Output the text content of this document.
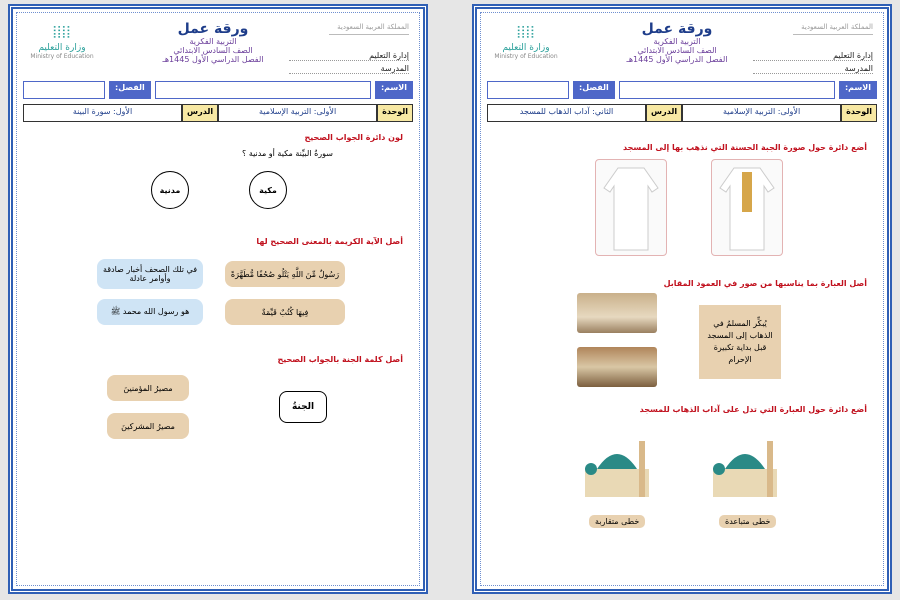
⦙⦙⦙⦙
وزارة التعليم
Ministry of Education
ورقة عمل
التربية الفكرية
الصف السادس الابتدائي
الفصل الدراسي الأول 1445هـ
المملكة العربية السعودية
إدارة التعليم
المدرسة
الاسم:
الفصل:
الوحدة
الأولى: التربية الإسلامية
الدرس
الأول: سورة البينة
لون دائرة الجواب الصحيح
سورةُ البيِّنة مكية أو مدنية ؟
مكية
مدنية
أصل الآية الكريمة بالمعنى الصحيح لها
رَسُولٌ مِّنَ اللَّهِ يَتْلُو صُحُفًا مُّطَهَّرَةً
فِيهَا كُتُبٌ قَيِّمَةٌ
في تلك الصحف أخبار صادقة وأوامر عادلة
هو رسول الله محمد ﷺ
أصل كلمة الجنة بالجواب الصحيح
الجنةُ
مصيرُ المؤمنينَ
مصيرُ المشركينَ
⦙⦙⦙⦙
وزارة التعليم
Ministry of Education
ورقة عمل
التربية الفكرية
الصف السادس الابتدائي
الفصل الدراسي الأول 1445هـ
المملكة العربية السعودية
إدارة التعليم
المدرسة
الاسم:
الفصل:
الوحدة
الأولى: التربية الإسلامية
الدرس
الثاني: آداب الذهاب للمسجد
أضع دائرة حول صورة الجبة الحسنة التي نذهب بها إلى المسجد
أصل العبارة بما يناسبها من صور في العمود المقابل
يُبكِّر المسلمُ في الذهاب إلى المسجد قبل بداية تكبيرة الإحرام
أضع دائرة حول العبارة التي تدل على آداب الذهاب للمسجد
خطى متباعدة
خطى متقاربة
